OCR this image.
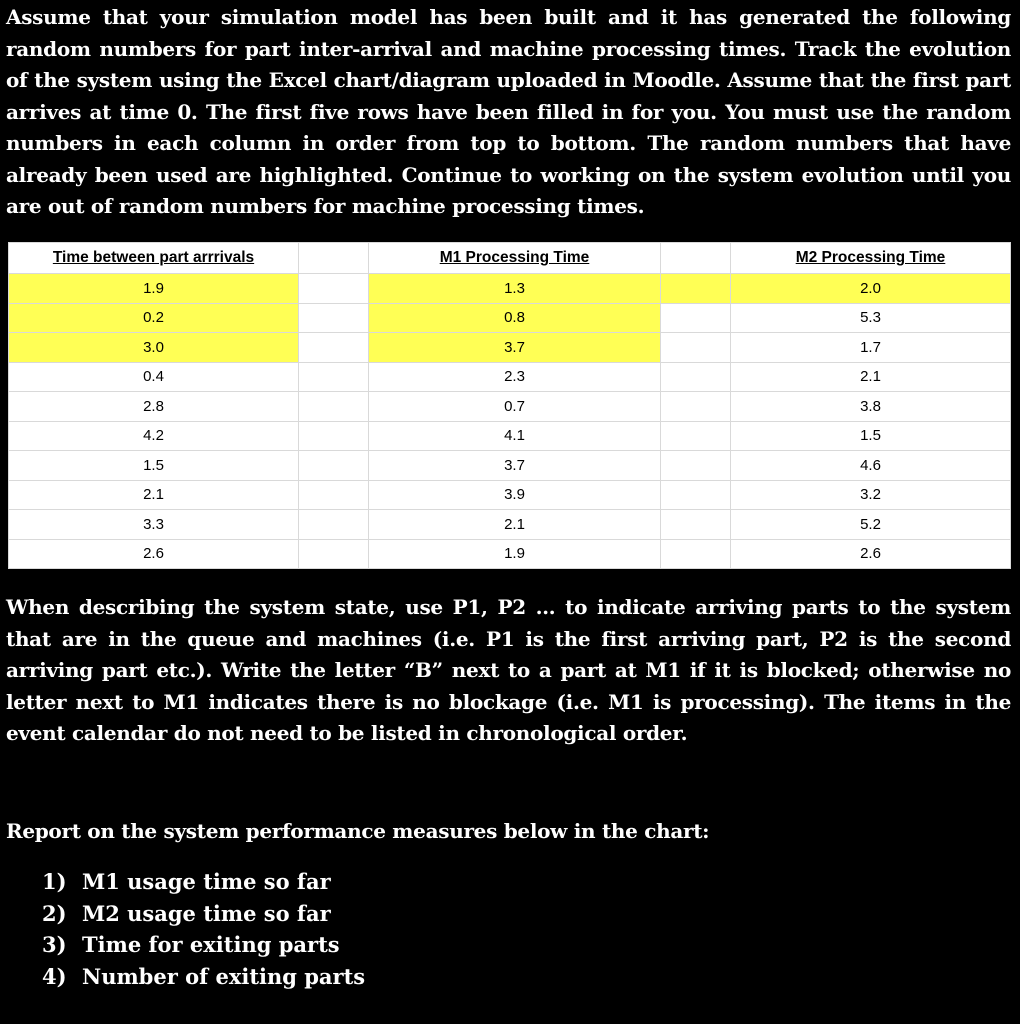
Assume that your simulation model has been built and it has generated the following random numbers for part inter-arrival and machine processing times. Track the evolution of the system using the Excel chart/diagram uploaded in Moodle. Assume that the first part arrives at time 0. The first five rows have been filled in for you. You must use the random numbers in each column in order from top to bottom. The random numbers that have already been used are highlighted. Continue to working on the system evolution until you are out of random numbers for machine processing times.
Time between part arrrivals		M1 Processing Time		M2 Processing Time
1.9		1.3		2.0
0.2		0.8		5.3
3.0		3.7		1.7
0.4		2.3		2.1
2.8		0.7		3.8
4.2		4.1		1.5
1.5		3.7		4.6
2.1		3.9		3.2
3.3		2.1		5.2
2.6		1.9		2.6
When describing the system state, use P1, P2 … to indicate arriving parts to the system that are in the queue and machines (i.e. P1 is the first arriving part, P2 is the second arriving part etc.). Write the letter “B” next to a part at M1 if it is blocked; otherwise no letter next to M1 indicates there is no blockage (i.e. M1 is processing). The items in the event calendar do not need to be listed in chronological order.
Report on the system performance measures below in the chart:
1) M1 usage time so far
2) M2 usage time so far
3) Time for exiting parts
4) Number of exiting parts
